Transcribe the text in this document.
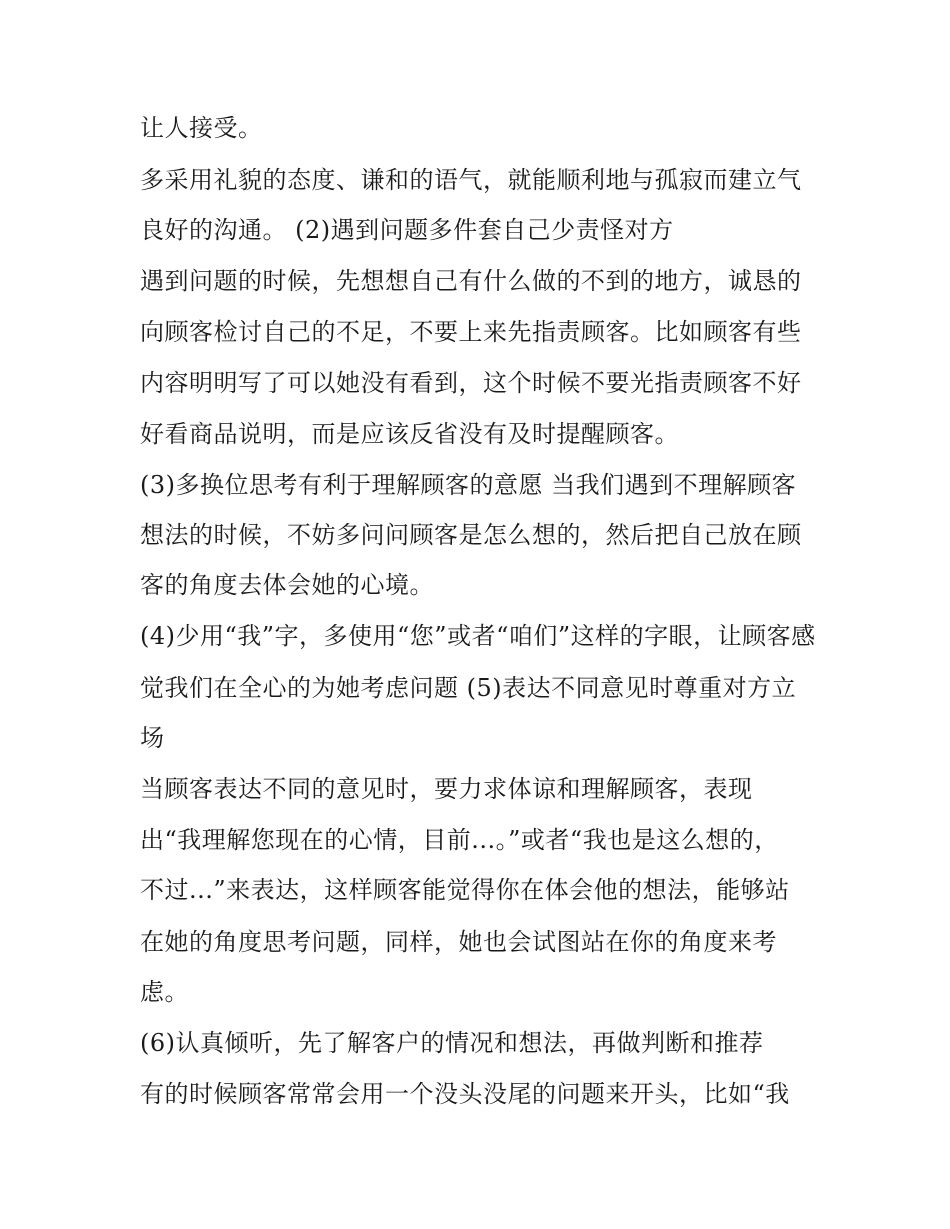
让人接受。
多采用礼貌的态度、谦和的语气，就能顺利地与孤寂而建立气
良好的沟通。 (2)遇到问题多件套自己少责怪对方
遇到问题的时候，先想想自己有什么做的不到的地方，诚恳的
向顾客检讨自己的不足，不要上来先指责顾客。比如顾客有些
内容明明写了可以她没有看到，这个时候不要光指责顾客不好
好看商品说明，而是应该反省没有及时提醒顾客。
(3)多换位思考有利于理解顾客的意愿 当我们遇到不理解顾客
想法的时候，不妨多问问顾客是怎么想的，然后把自己放在顾
客的角度去体会她的心境。
(4)少用“我”字，多使用“您”或者“咱们”这样的字眼，让顾客感
觉我们在全心的为她考虑问题 (5)表达不同意见时尊重对方立
场
当顾客表达不同的意见时，要力求体谅和理解顾客，表现
出“我理解您现在的心情，目前...。”或者“我也是这么想的，
不过...”来表达，这样顾客能觉得你在体会他的想法，能够站
在她的角度思考问题，同样，她也会试图站在你的角度来考
虑。
(6)认真倾听，先了解客户的情况和想法，再做判断和推荐
有的时候顾客常常会用一个没头没尾的问题来开头，比如“我
